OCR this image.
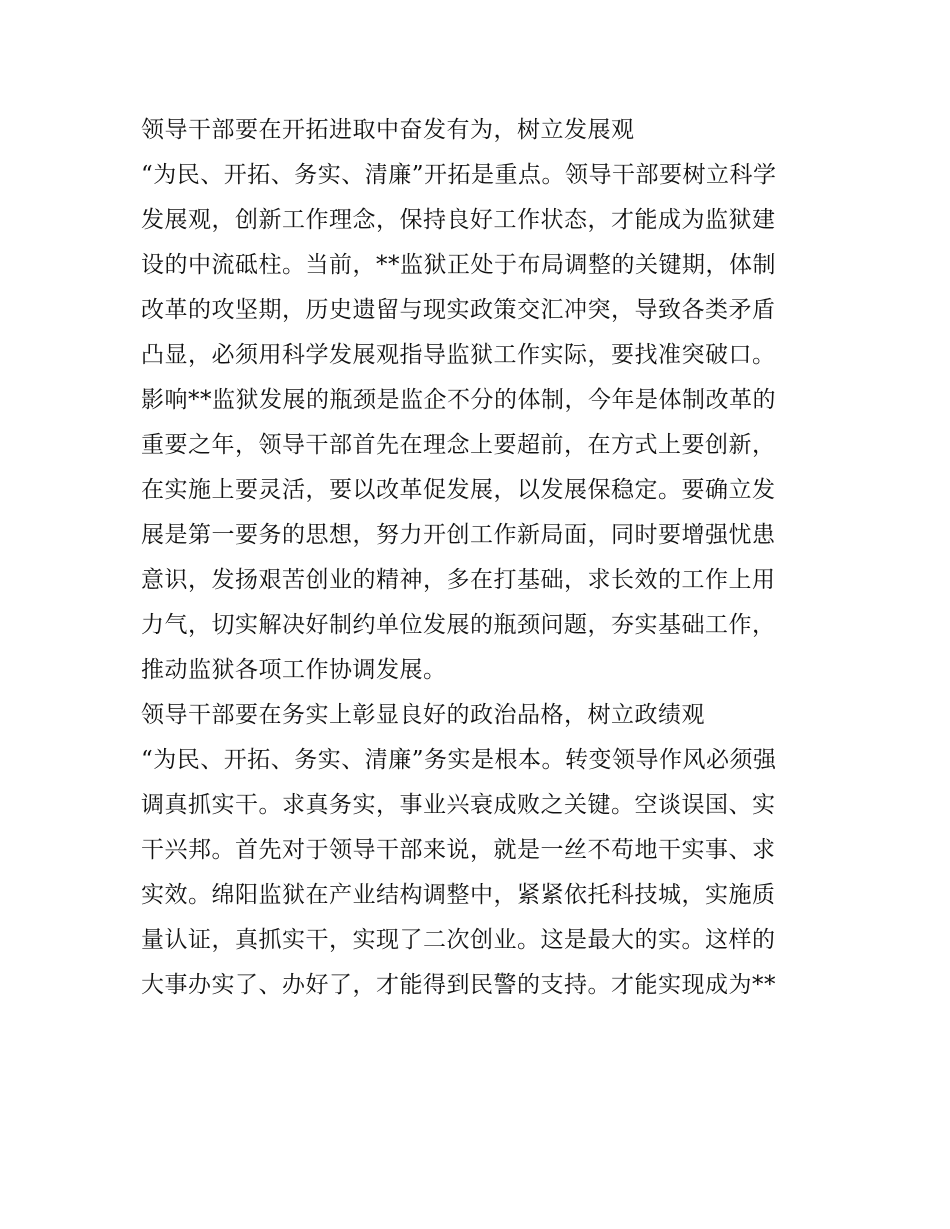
领导干部要在开拓进取中奋发有为，树立发展观
“为民、开拓、务实、清廉”开拓是重点。领导干部要树立科学
发展观，创新工作理念，保持良好工作状态，才能成为监狱建
设的中流砥柱。当前，**监狱正处于布局调整的关键期，体制
改革的攻坚期，历史遗留与现实政策交汇冲突，导致各类矛盾
凸显，必须用科学发展观指导监狱工作实际，要找准突破口。
影响**监狱发展的瓶颈是监企不分的体制，今年是体制改革的
重要之年，领导干部首先在理念上要超前，在方式上要创新，
在实施上要灵活，要以改革促发展，以发展保稳定。要确立发
展是第一要务的思想，努力开创工作新局面，同时要增强忧患
意识，发扬艰苦创业的精神，多在打基础，求长效的工作上用
力气，切实解决好制约单位发展的瓶颈问题，夯实基础工作，
推动监狱各项工作协调发展。
领导干部要在务实上彰显良好的政治品格，树立政绩观
“为民、开拓、务实、清廉”务实是根本。转变领导作风必须强
调真抓实干。求真务实，事业兴衰成败之关键。空谈误国、实
干兴邦。首先对于领导干部来说，就是一丝不苟地干实事、求
实效。绵阳监狱在产业结构调整中，紧紧依托科技城，实施质
量认证，真抓实干，实现了二次创业。这是最大的实。这样的
大事办实了、办好了，才能得到民警的支持。才能实现成为**
